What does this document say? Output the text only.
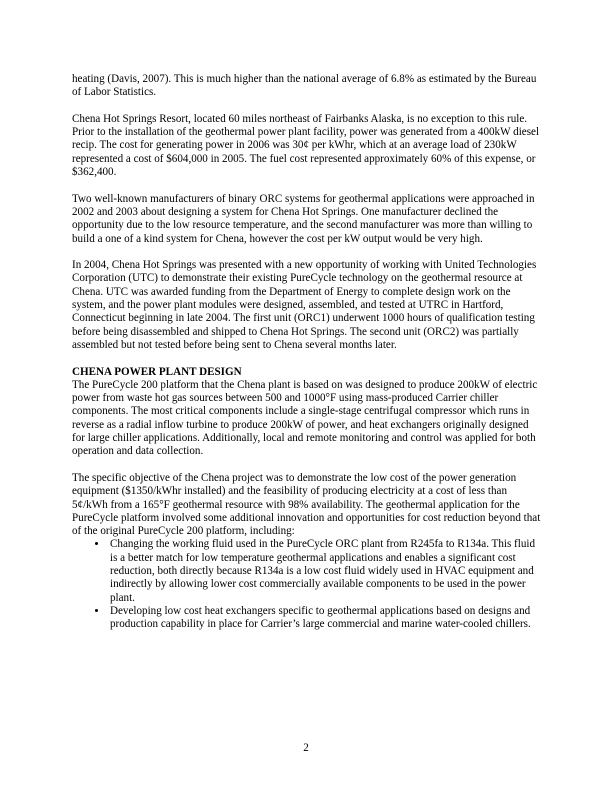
heating (Davis, 2007). This is much higher than the national average of 6.8% as estimated by the Bureau of Labor Statistics.

Chena Hot Springs Resort, located 60 miles northeast of Fairbanks Alaska, is no exception to this rule. Prior to the installation of the geothermal power plant facility, power was generated from a 400kW diesel recip. The cost for generating power in 2006 was 30¢ per kWhr, which at an average load of 230kW represented a cost of $604,000 in 2005. The fuel cost represented approximately 60% of this expense, or $362,400.

Two well-known manufacturers of binary ORC systems for geothermal applications were approached in 2002 and 2003 about designing a system for Chena Hot Springs. One manufacturer declined the opportunity due to the low resource temperature, and the second manufacturer was more than willing to build a one of a kind system for Chena, however the cost per kW output would be very high.

In 2004, Chena Hot Springs was presented with a new opportunity of working with United Technologies Corporation (UTC) to demonstrate their existing PureCycle technology on the geothermal resource at Chena. UTC was awarded funding from the Department of Energy to complete design work on the system, and the power plant modules were designed, assembled, and tested at UTRC in Hartford, Connecticut beginning in late 2004. The first unit (ORC1) underwent 1000 hours of qualification testing before being disassembled and shipped to Chena Hot Springs. The second unit (ORC2) was partially assembled but not tested before being sent to Chena several months later.

CHENA POWER PLANT DESIGN

The PureCycle 200 platform that the Chena plant is based on was designed to produce 200kW of electric power from waste hot gas sources between 500 and 1000°F using mass-produced Carrier chiller components. The most critical components include a single-stage centrifugal compressor which runs in reverse as a radial inflow turbine to produce 200kW of power, and heat exchangers originally designed for large chiller applications. Additionally, local and remote monitoring and control was applied for both operation and data collection.

The specific objective of the Chena project was to demonstrate the low cost of the power generation equipment ($1350/kWhr installed) and the feasibility of producing electricity at a cost of less than 5¢/kWh from a 165°F geothermal resource with 98% availability. The geothermal application for the PureCycle platform involved some additional innovation and opportunities for cost reduction beyond that of the original PureCycle 200 platform, including:

• Changing the working fluid used in the PureCycle ORC plant from R245fa to R134a. This fluid is a better match for low temperature geothermal applications and enables a significant cost reduction, both directly because R134a is a low cost fluid widely used in HVAC equipment and indirectly by allowing lower cost commercially available components to be used in the power plant.
• Developing low cost heat exchangers specific to geothermal applications based on designs and production capability in place for Carrier’s large commercial and marine water-cooled chillers.
2
